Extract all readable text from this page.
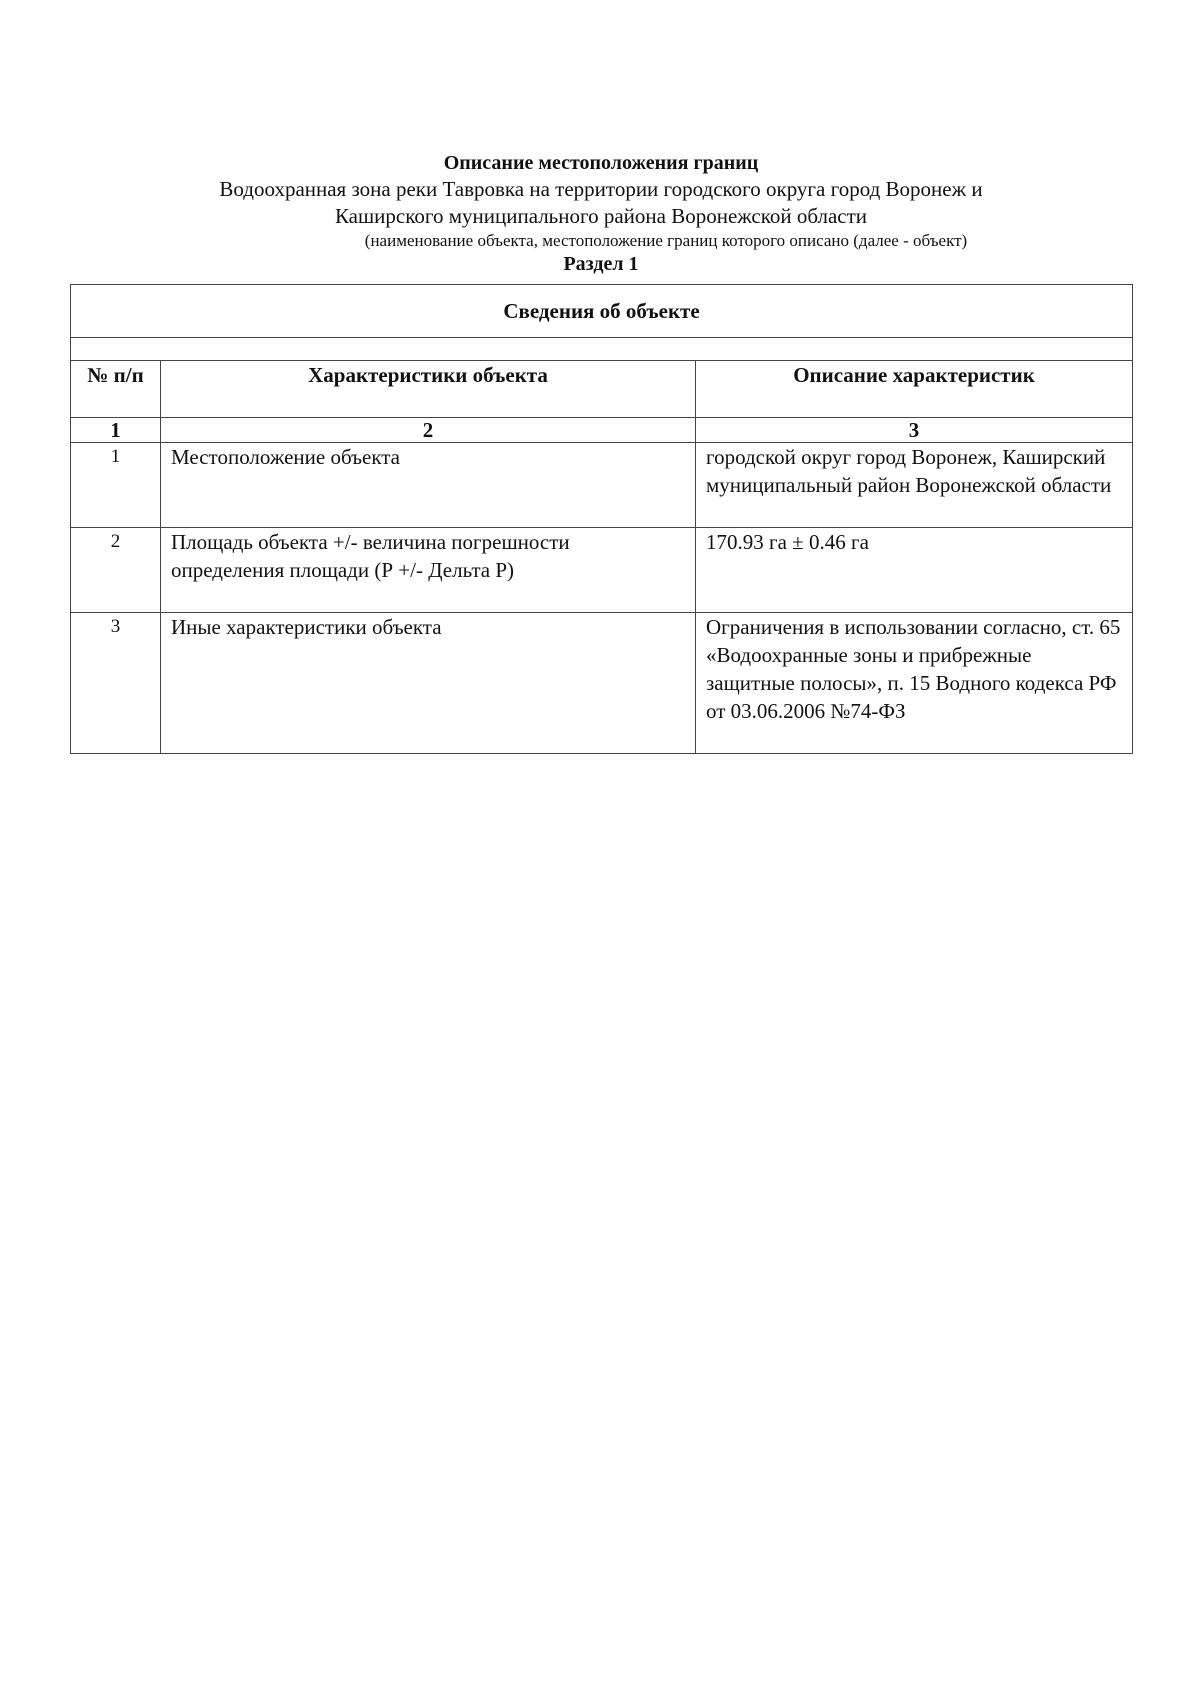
Описание местоположения границ
Водоохранная зона реки Тавровка на территории городского округа город Воронеж и
Каширского муниципального района Воронежской области
(наименование объекта, местоположение границ которого описано (далее - объект)
Раздел 1
Сведения об объекте		

№ п/п	Характеристики объекта	Описание характеристик
1	2	3
1	Местоположение объекта	городской округ город Воронеж, Каширский муниципальный район Воронежской области
2	Площадь объекта +/- величина погрешности определения площади (Р +/- Дельта Р)	170.93 га ± 0.46 га
3	Иные характеристики объекта	Ограничения в использовании согласно, ст. 65 «Водоохранные зоны и прибрежные защитные полосы», п. 15 Водного кодекса РФ от 03.06.2006 №74-ФЗ
